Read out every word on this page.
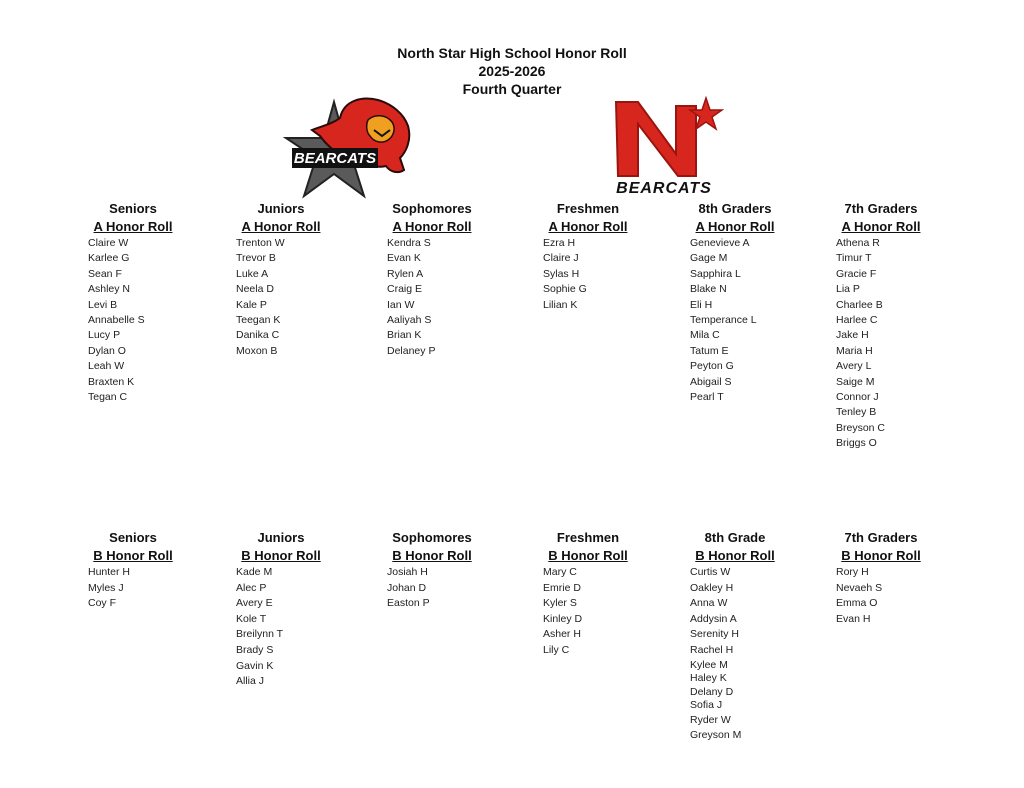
North Star High School Honor Roll
2025-2026
Fourth Quarter
BEARCATS
BEARCATS
Seniors
A Honor Roll
Claire W
Karlee G
Sean F
Ashley N
Levi B
Annabelle S
Lucy P
Dylan O
Leah W
Braxten K
Tegan C
Juniors
A Honor Roll
Trenton W
Trevor B
Luke A
Neela D
Kale P
Teegan K
Danika C
Moxon B
Sophomores
A Honor Roll
Kendra S
Evan K
Rylen A
Craig E
Ian W
Aaliyah S
Brian K
Delaney P
Freshmen
A Honor Roll
Ezra H
Claire J
Sylas H
Sophie G
Lilian K
8th Graders
A Honor Roll
Genevieve A
Gage M
Sapphira L
Blake N
Eli H
Temperance L
Mila C
Tatum E
Peyton G
Abigail S
Pearl T
7th Graders
A Honor Roll
Athena R
Timur T
Gracie F
Lia P
Charlee B
Harlee C
Jake H
Maria H
Avery L
Saige M
Connor J
Tenley B
Breyson C
Briggs O
Seniors
B Honor Roll
Hunter H
Myles J
Coy F
Juniors
B Honor Roll
Kade M
Alec P
Avery E
Kole T
Breilynn T
Brady S
Gavin K
Allia J
Sophomores
B Honor Roll
Josiah H
Johan D
Easton P
Freshmen
B Honor Roll
Mary C
Emrie D
Kyler S
Kinley D
Asher H
Lily C
8th Grade
B Honor Roll
Curtis W
Oakley H
Anna W
Addysin A
Serenity H
Rachel H
Kylee M
Haley K
Delany D
Sofia J
Ryder W
Greyson M
7th Graders
B Honor Roll
Rory H
Nevaeh S
Emma O
Evan H
